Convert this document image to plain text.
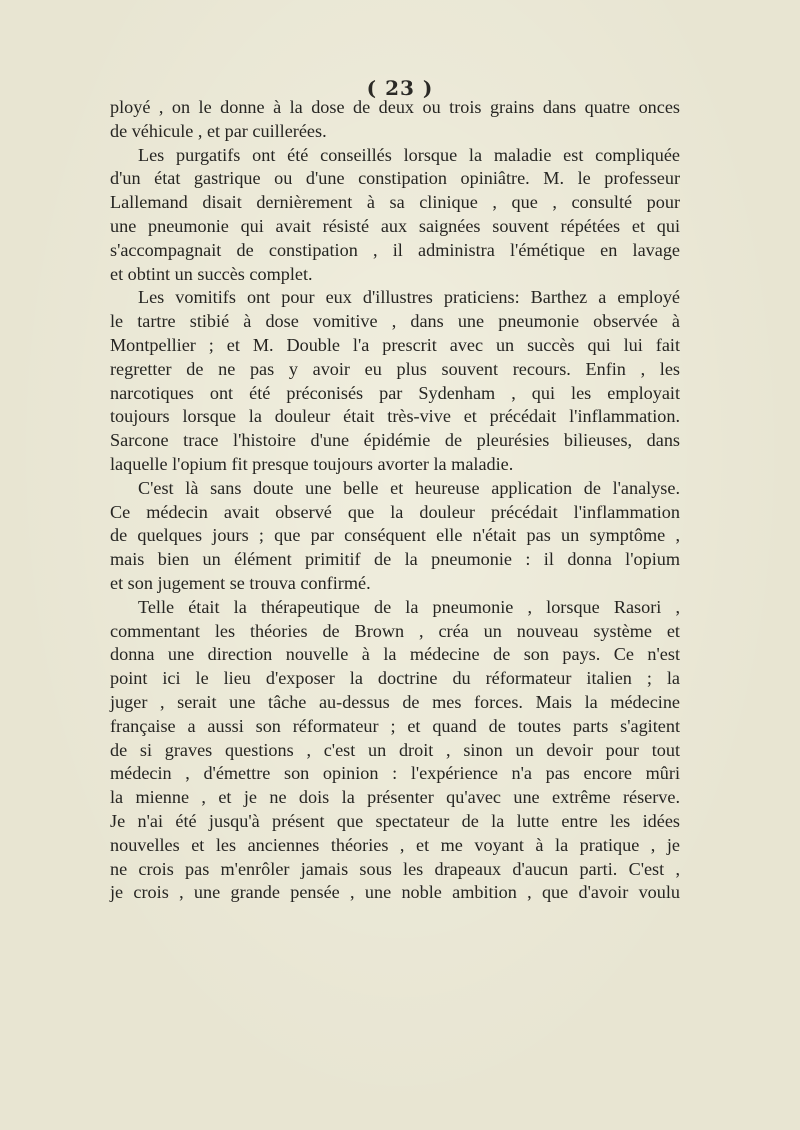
( 23 )

ployé , on le donne à la dose de deux ou trois grains dans quatre onces
de véhicule , et par cuillerées.

Les purgatifs ont été conseillés lorsque la maladie est compliquée
d'un état gastrique ou d'une constipation opiniâtre. M. le professeur
Lallemand disait dernièrement à sa clinique , que , consulté pour
une pneumonie qui avait résisté aux saignées souvent répétées et qui
s'accompagnait de constipation , il administra l'émétique en lavage
et obtint un succès complet.

Les vomitifs ont pour eux d'illustres praticiens: Barthez a employé
le tartre stibié à dose vomitive , dans une pneumonie observée à
Montpellier ; et M. Double l'a prescrit avec un succès qui lui fait
regretter de ne pas y avoir eu plus souvent recours. Enfin , les
narcotiques ont été préconisés par Sydenham , qui les employait
toujours lorsque la douleur était très-vive et précédait l'inflammation.
Sarcone trace l'histoire d'une épidémie de pleurésies bilieuses, dans
laquelle l'opium fit presque toujours avorter la maladie.

C'est là sans doute une belle et heureuse application de l'analyse.
Ce médecin avait observé que la douleur précédait l'inflammation
de quelques jours ; que par conséquent elle n'était pas un symptôme ,
mais bien un élément primitif de la pneumonie : il donna l'opium
et son jugement se trouva confirmé.

Telle était la thérapeutique de la pneumonie , lorsque Rasori ,
commentant les théories de Brown , créa un nouveau système et
donna une direction nouvelle à la médecine de son pays. Ce n'est
point ici le lieu d'exposer la doctrine du réformateur italien ; la
juger , serait une tâche au-dessus de mes forces. Mais la médecine
française a aussi son réformateur ; et quand de toutes parts s'agitent
de si graves questions , c'est un droit , sinon un devoir pour tout
médecin , d'émettre son opinion : l'expérience n'a pas encore mûri
la mienne , et je ne dois la présenter qu'avec une extrême réserve.
Je n'ai été jusqu'à présent que spectateur de la lutte entre les idées
nouvelles et les anciennes théories , et me voyant à la pratique , je
ne crois pas m'enrôler jamais sous les drapeaux d'aucun parti. C'est ,
je crois , une grande pensée , une noble ambition , que d'avoir voulu
